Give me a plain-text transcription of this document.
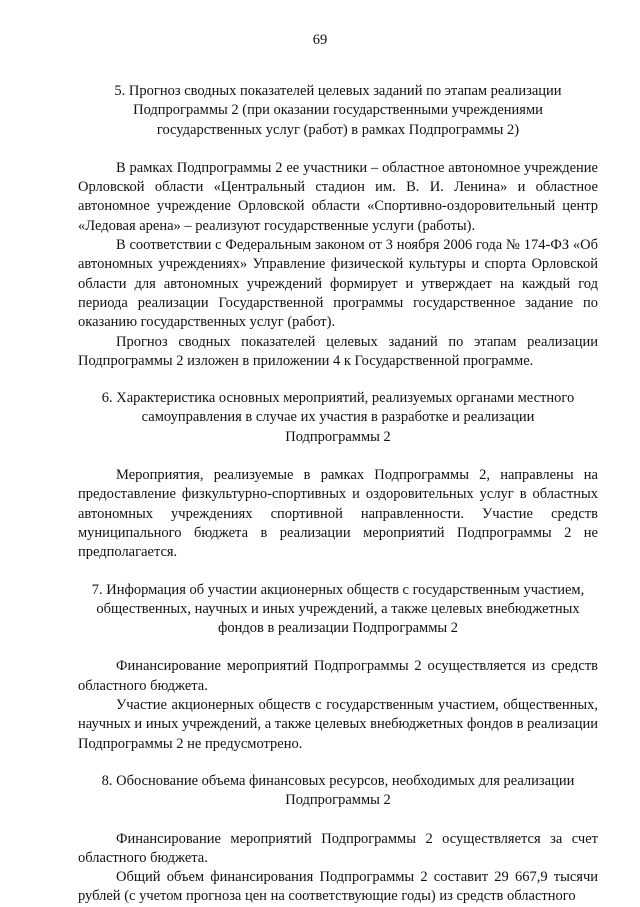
69
5. Прогноз сводных показателей целевых заданий по этапам реализации
Подпрограммы 2 (при оказании государственными учреждениями
государственных услуг (работ) в рамках Подпрограммы 2)

В рамках Подпрограммы 2 ее участники – областное автономное учреждение Орловской области «Центральный стадион им. В. И. Ленина» и областное автономное учреждение Орловской области «Спортивно-оздоровительный центр «Ледовая арена» – реализуют государственные услуги (работы).

В соответствии с Федеральным законом от 3 ноября 2006 года № 174-ФЗ «Об автономных учреждениях» Управление физической культуры и спорта Орловской области для автономных учреждений формирует и утверждает на каждый год периода реализации Государственной программы государственное задание по оказанию государственных услуг (работ).

Прогноз сводных показателей целевых заданий по этапам реализации Подпрограммы 2 изложен в приложении 4 к Государственной программе.

6. Характеристика основных мероприятий, реализуемых органами местного
самоуправления в случае их участия в разработке и реализации
Подпрограммы 2

Мероприятия, реализуемые в рамках Подпрограммы 2, направлены на предоставление физкультурно-спортивных и оздоровительных услуг в областных автономных учреждениях спортивной направленности. Участие средств муниципального бюджета в реализации мероприятий Подпрограммы 2 не предполагается.

7. Информация об участии акционерных обществ с государственным участием,
общественных, научных и иных учреждений, а также целевых внебюджетных
фондов в реализации Подпрограммы 2

Финансирование мероприятий Подпрограммы 2 осуществляется из средств областного бюджета.

Участие акционерных обществ с государственным участием, общественных, научных и иных учреждений, а также целевых внебюджетных фондов в реализации Подпрограммы 2 не предусмотрено.

8. Обоснование объема финансовых ресурсов, необходимых для реализации
Подпрограммы 2

Финансирование мероприятий Подпрограммы 2 осуществляется за счет областного бюджета.

Общий объем финансирования Подпрограммы 2 составит 29 667,9 тысячи рублей (с учетом прогноза цен на соответствующие годы) из средств областного
